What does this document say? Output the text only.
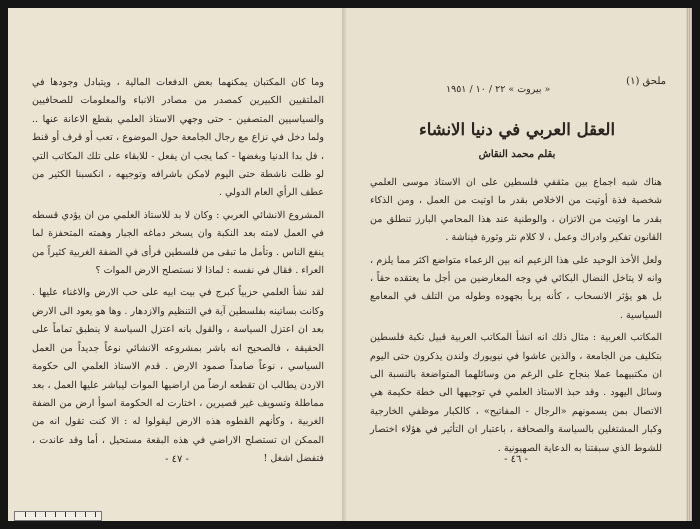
وما كان المكتبان يمكنهما بعض الدفعات المالية ، ويتبادل وجودها في الملتقيين الكبيرين كمصدر من مصادر الانباء والمعلومات للصحافيين والسياسيين المتصفين - حتى وجهي الاستاذ العلمي بقطع الاعانة عنها .. ولما دخل في نزاع مع رجال الجامعة حول الموضوع ، تعب أو قرف أو قنط ، فل بدا الدنيا وبغضها - كما يجب ان يفعل - للابقاء على تلك المكاتب التي لو ظلت ناشطة حتى اليوم لامكن باشرافه وتوجيهه ، انكسبنا الكثير من عطف الرأي العام الدولي .

المشروع الانشائي العربي : وكان لا بد للاستاذ العلمي من ان يؤدي قسطه في العمل لامته بعد النكبة وان يسخر دماغه الجبار وهمته المتحفزة لما ينفع الناس . وتأمل ما تبقى من فلسطين فرأى في الضفة الغربية كثيراً من العراء . فقال في نفسه : لماذا لا نستصلح الارض الموات ؟

لقد نشأ العلمي حزبياً كبرج في بيت ابيه على حب الارض والاغناء عليها . وكانت بساتينه بفلسطين آية في التنظيم والازدهار . وها هو يعود الى الارض بعد ان اعتزل السياسة ، والقول بانه اعتزل السياسة لا ينطبق تماماً على الحقيقة ، فالصحيح انه باشر بمشروعه الانشائي نوعاً جديداً من العمل السياسي ، نوعاً صامداً صمود الارض . قدم الاستاذ العلمي الى حكومة الاردن يطالب ان تقطعه ارضاً من اراضيها الموات ليباشر عليها العمل ، بعد مماطلة وتسويف غير قصيرين ، اختارت له الحكومة اسوأ ارض من الضفة الغربية ، وكأنهم القطوه هذه الارض ليقولوا له : الا كنت تقول انه من الممكن ان تستصلح الاراضي في هذه البقعة مستحيل ، أما وقد عاندت ، فتفضل اشغل !

- ٤٧ -
ملحق (١)
« بيروت » ٢٢ / ١٠ / ١٩٥١
العقل العربي في دنيا الانشاء
بقلم محمد النقاش

هناك شبه اجماع بين مثقفي فلسطين على ان الاستاذ موسى العلمي شخصية فذة أوتيت من الاخلاص بقدر ما اوتيت من العمل ، ومن الذكاء بقدر ما اوتيت من الاتزان ، والوطنية عند هذا المحامي البارز تنطلق من القانون تفكير وادراك وعمل ، لا كلام نثر وثورة فيناشة .

ولعل الأخذ الوحيد على هذا الزعيم انه بين الزعماء متواضع اكثر مما يلزم ، وانه لا يتاخل النضال البكائي في وجه المعارضين من أجل ما يعتقده حقاً ، بل هو يؤثر الانسحاب ، كأنه يربأ بجهوده وطوله من التلف في المعامع السياسية .

المكاتب العربية : مثال ذلك انه انشأ المكاتب العربية قبيل نكبة فلسطين بتكليف من الجامعة ، والذين عاشوا في نيويورك ولندن يذكرون حتى اليوم ان مكتبيهما عملا بنجاح على الرغم من وسائلهما المتواضعة بالنسبة الى وسائل اليهود . وقد حبذ الاستاذ العلمي في توجيهها الى خطة حكيمة هي الاتصال بمن يسمونهم «الرجال - المفاتيح» ، كالكبار موظفي الخارجية وكبار المشتغلين بالسياسة والصحافة ، باعتبار ان التأثير في هؤلاء اختصار للشوط الذي سبقتنا به الدعاية الصهيونية .

- ٤٦ -
